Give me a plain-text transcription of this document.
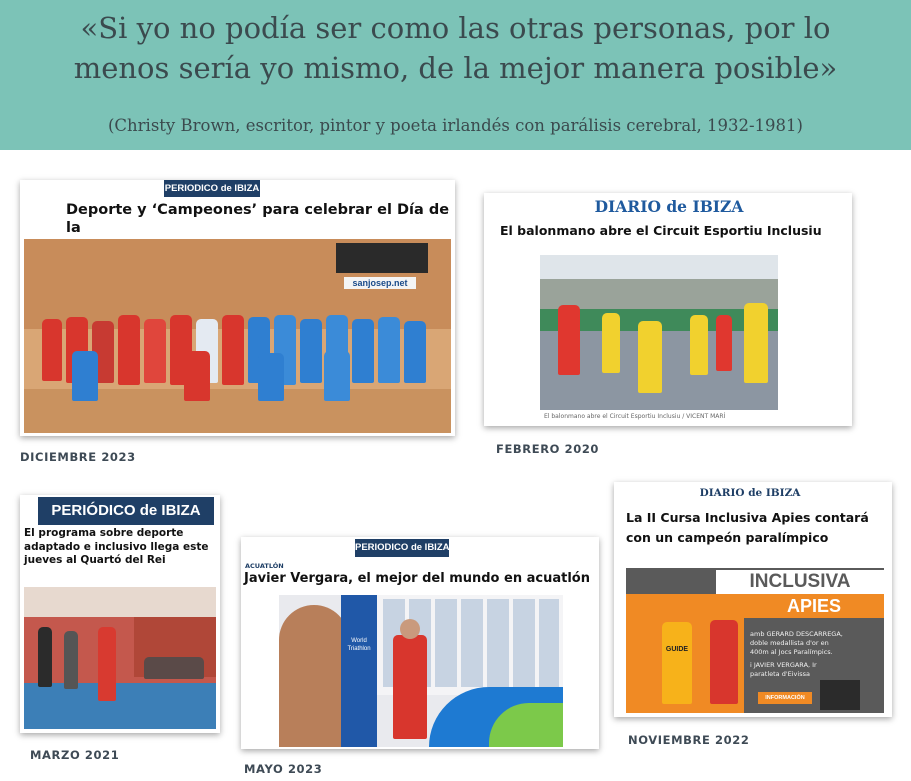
«Si yo no podía ser como las otras personas, por lo
menos sería yo mismo, de la mejor manera posible»
(Christy Brown, escritor, pintor y poeta irlandés con parálisis cerebral, 1932-1981)
PERIODICO de IBIZA
Deporte y ‘Campeones’ para celebrar el Día de la
sanjosep.net
DICIEMBRE 2023
DIARIO de IBIZA
El balonmano abre el Circuit Esportiu Inclusiu
El balonmano abre el Circuit Esportiu Inclusiu / VICENT MARÍ
FEBRERO 2020
PERIÓDICO de IBIZA
El programa sobre deporte
adaptado e inclusivo llega este
jueves al Quartó del Rei
MARZO 2021
PERIODICO de IBIZA
ACUATLÓN
Javier Vergara, el mejor del mundo en acuatlón
World Triathlon
MAYO 2023
DIARIO de IBIZA
La II Cursa Inclusiva Apies contará
con un campeón paralímpico
INCLUSIVA
APIES
GUIDE
amb GERARD DESCARREGA,
doble medallista d'or en
400m al Jocs Paralímpics.
i JAVIER VERGARA, Ir
paratleta d'Eivissa
INFORMACIÓN
NOVIEMBRE 2022
